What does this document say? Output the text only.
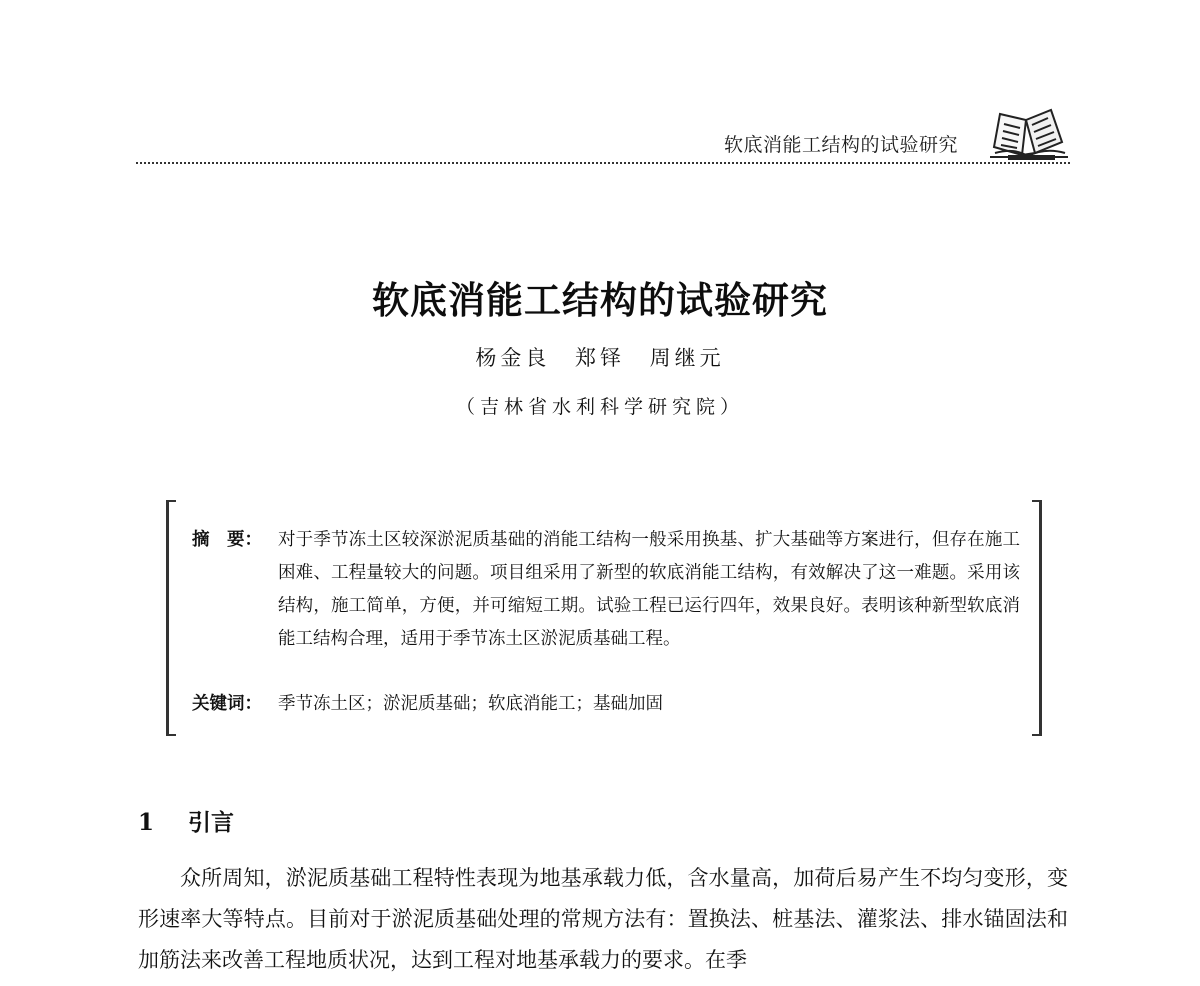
软底消能工结构的试验研究
软底消能工结构的试验研究
杨金良 郑铎 周继元
（吉林省水利科学研究院）
摘　要： 对于季节冻土区较深淤泥质基础的消能工结构一般采用换基、扩大基础等方案进行，但存在施工困难、工程量较大的问题。项目组采用了新型的软底消能工结构，有效解决了这一难题。采用该结构，施工简单，方便，并可缩短工期。试验工程已运行四年，效果良好。表明该种新型软底消能工结构合理，适用于季节冻土区淤泥质基础工程。
关键词： 季节冻土区；淤泥质基础；软底消能工；基础加固
1 引言
众所周知，淤泥质基础工程特性表现为地基承载力低，含水量高，加荷后易产生不均匀变形，变形速率大等特点。目前对于淤泥质基础处理的常规方法有：置换法、桩基法、灌浆法、排水锚固法和加筋法来改善工程地质状况，达到工程对地基承载力的要求。在季
